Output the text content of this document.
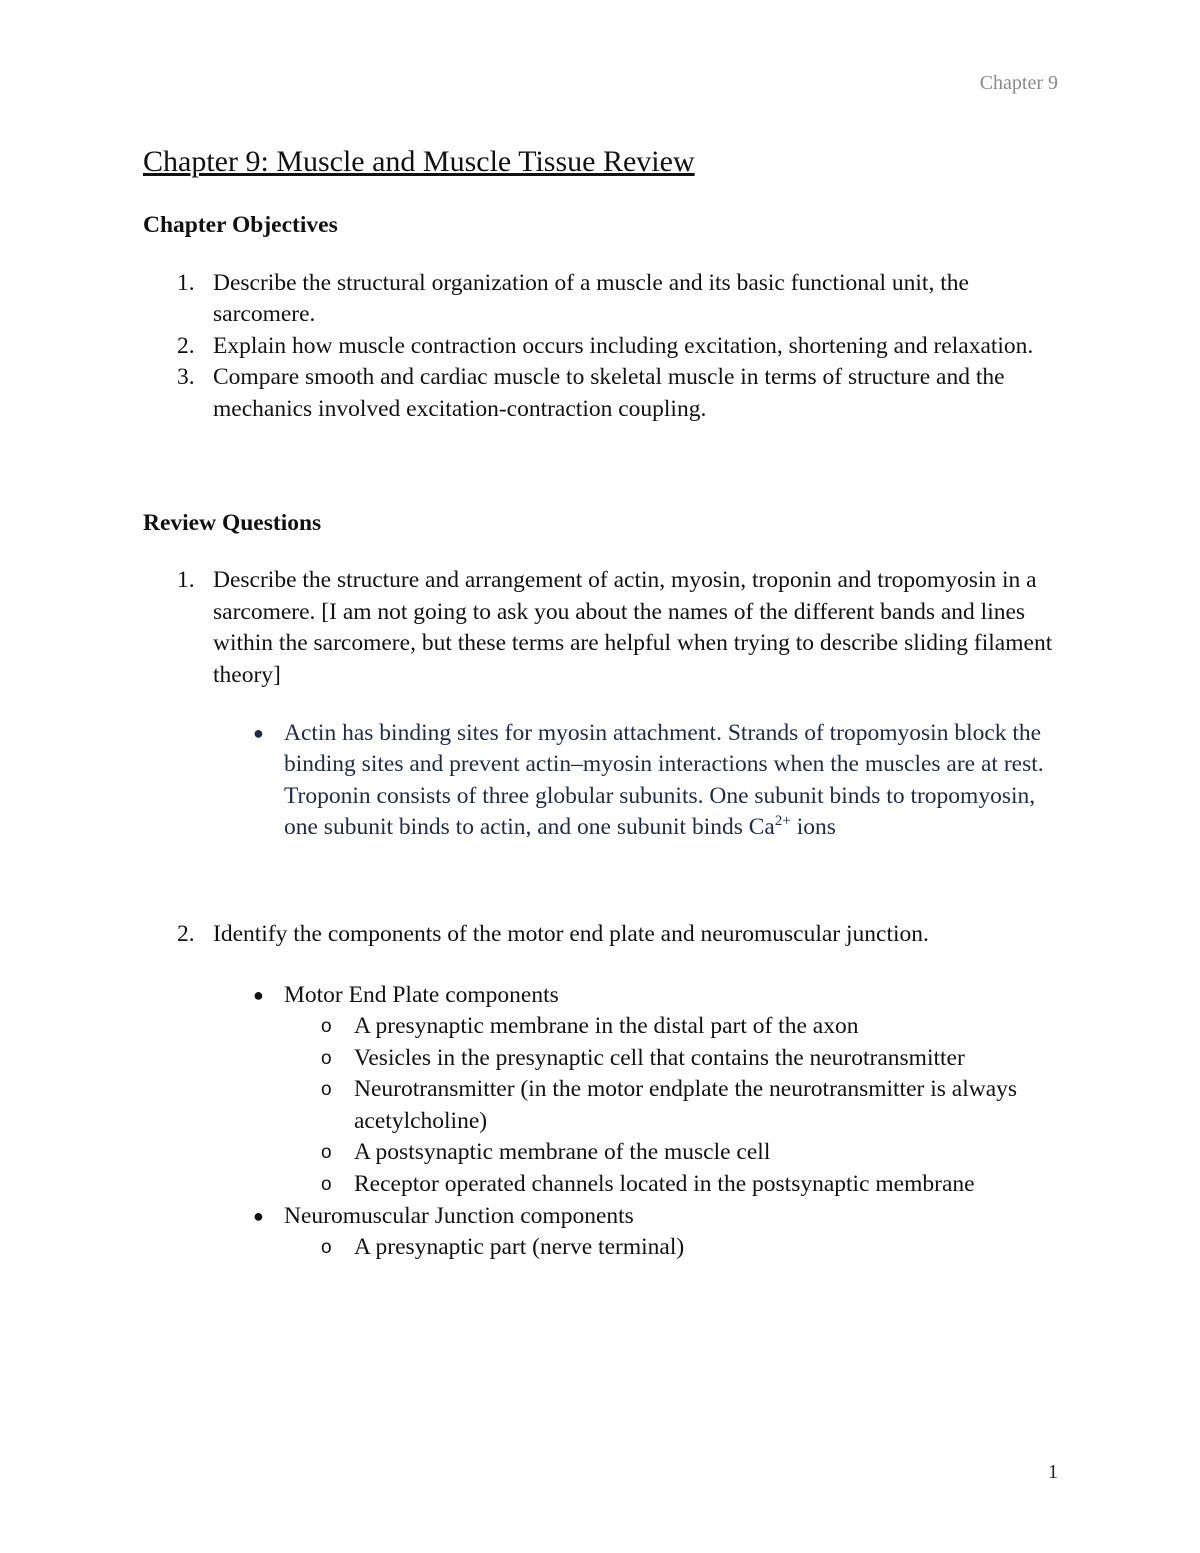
Chapter 9
Chapter 9: Muscle and Muscle Tissue Review
Chapter Objectives
1. Describe the structural organization of a muscle and its basic functional unit, the sarcomere.
2. Explain how muscle contraction occurs including excitation, shortening and relaxation.
3. Compare smooth and cardiac muscle to skeletal muscle in terms of structure and the mechanics involved excitation-contraction coupling.
Review Questions
1. Describe the structure and arrangement of actin, myosin, troponin and tropomyosin in a sarcomere. [I am not going to ask you about the names of the different bands and lines within the sarcomere, but these terms are helpful when trying to describe sliding filament theory]
● Actin has binding sites for myosin attachment. Strands of tropomyosin block the binding sites and prevent actin–myosin interactions when the muscles are at rest. Troponin consists of three globular subunits. One subunit binds to tropomyosin, one subunit binds to actin, and one subunit binds $Ca^{2+}$ ions
2. Identify the components of the motor end plate and neuromuscular junction.
● Motor End Plate components
o A presynaptic membrane in the distal part of the axon
o Vesicles in the presynaptic cell that contains the neurotransmitter
o Neurotransmitter (in the motor endplate the neurotransmitter is always acetylcholine)
o A postsynaptic membrane of the muscle cell
o Receptor operated channels located in the postsynaptic membrane
● Neuromuscular Junction components
o A presynaptic part (nerve terminal)
1
